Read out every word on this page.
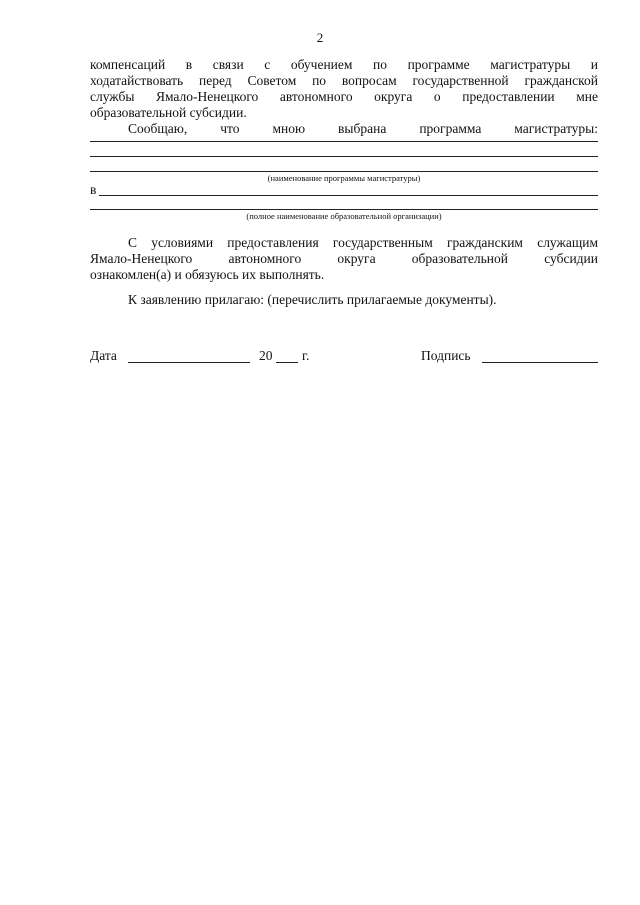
2
компенсаций в связи с обучением по программе магистратуры и
ходатайствовать перед Советом по вопросам государственной гражданской
службы Ямало-Ненецкого автономного округа о предоставлении мне
образовательной субсидии.
Сообщаю, что мною выбрана программа магистратуры:
(наименование программы магистратуры)
в
(полное наименование образовательной организации)
С условиями предоставления государственным гражданским служащим
Ямало-Ненецкого автономного округа образовательной субсидии
ознакомлен(а) и обязуюсь их выполнять.
К заявлению прилагаю: (перечислить прилагаемые документы).
Дата	20 г.	Подпись
